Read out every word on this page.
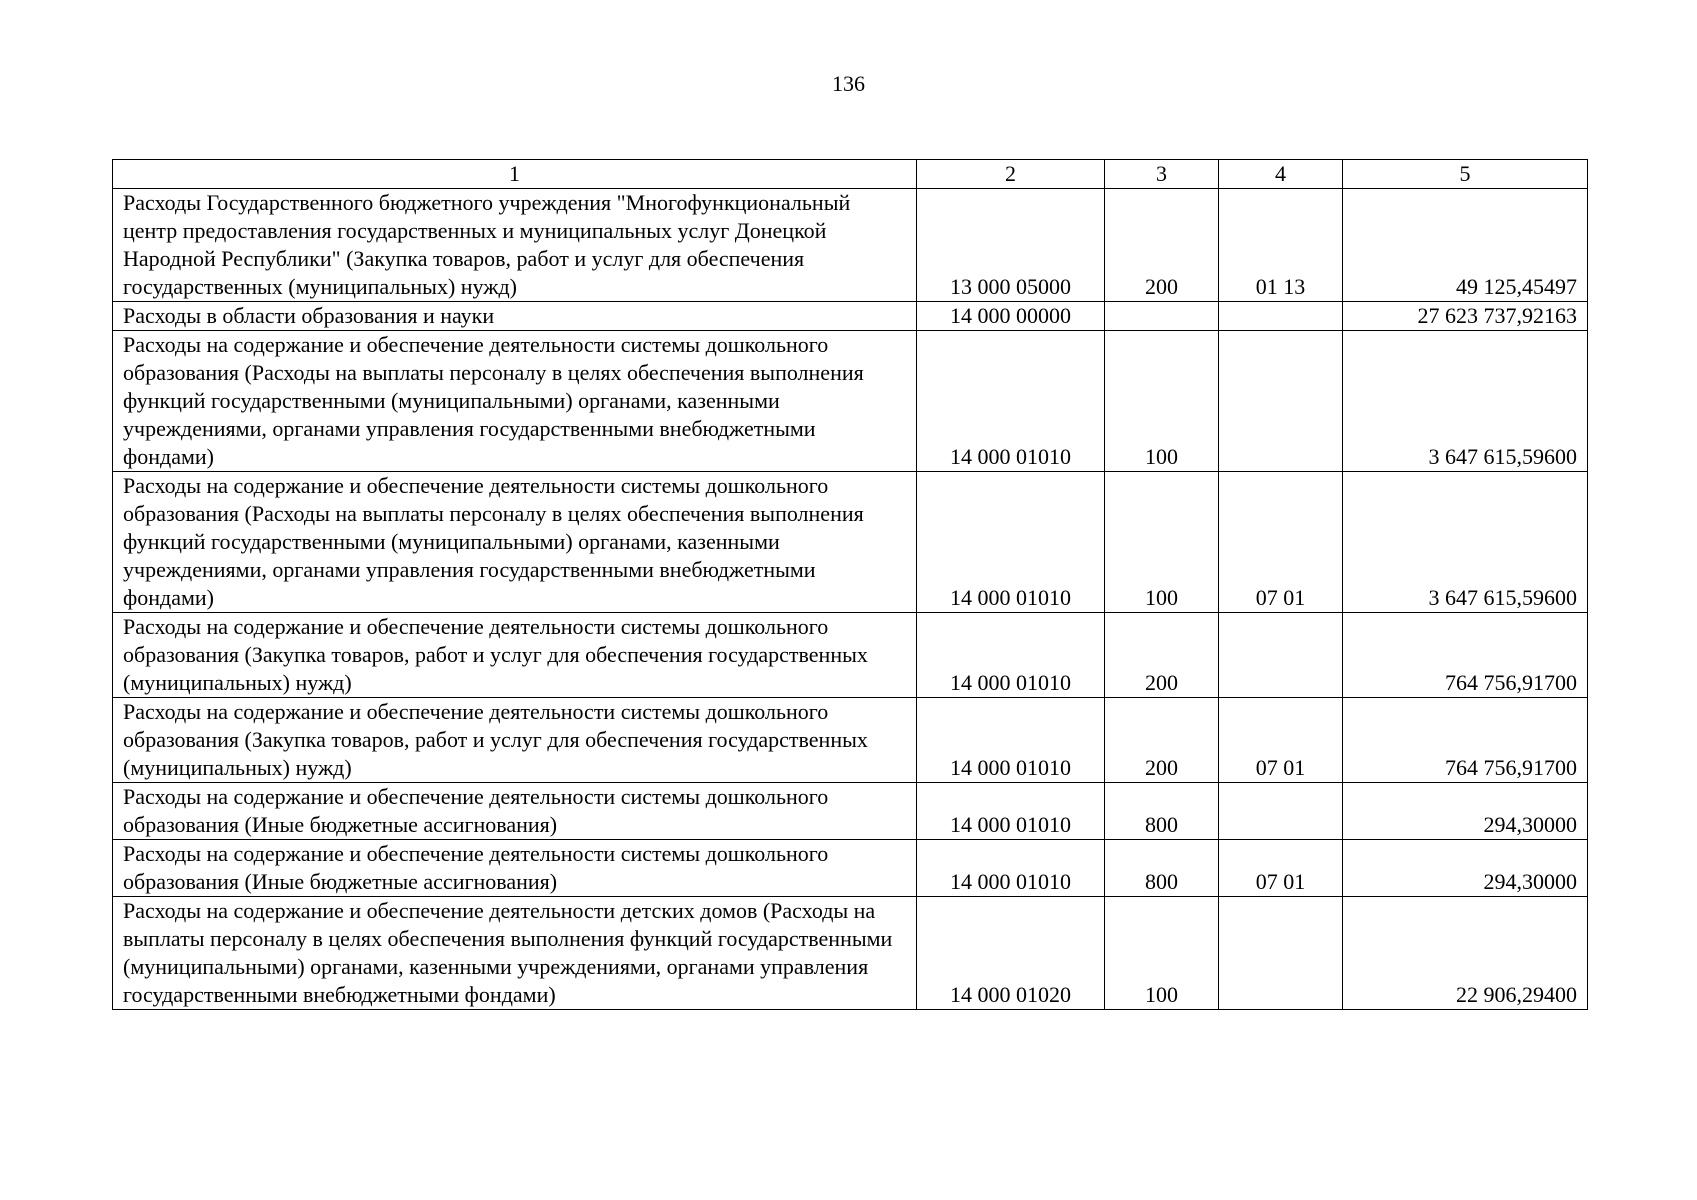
136
1	2	3	4	5
Расходы Государственного бюджетного учреждения "Многофункциональный центр предоставления государственных и муниципальных услуг Донецкой Народной Республики" (Закупка товаров, работ и услуг для обеспечения государственных (муниципальных) нужд)	13 000 05000	200	01 13	49 125,45497
Расходы в области образования и науки	14 000 00000			27 623 737,92163
Расходы на содержание и обеспечение деятельности системы дошкольного образования (Расходы на выплаты персоналу в целях обеспечения выполнения функций государственными (муниципальными) органами, казенными учреждениями, органами управления государственными внебюджетными фондами)	14 000 01010	100		3 647 615,59600
Расходы на содержание и обеспечение деятельности системы дошкольного образования (Расходы на выплаты персоналу в целях обеспечения выполнения функций государственными (муниципальными) органами, казенными учреждениями, органами управления государственными внебюджетными фондами)	14 000 01010	100	07 01	3 647 615,59600
Расходы на содержание и обеспечение деятельности системы дошкольного образования (Закупка товаров, работ и услуг для обеспечения государственных (муниципальных) нужд)	14 000 01010	200		764 756,91700
Расходы на содержание и обеспечение деятельности системы дошкольного образования (Закупка товаров, работ и услуг для обеспечения государственных (муниципальных) нужд)	14 000 01010	200	07 01	764 756,91700
Расходы на содержание и обеспечение деятельности системы дошкольного образования (Иные бюджетные ассигнования)	14 000 01010	800		294,30000
Расходы на содержание и обеспечение деятельности системы дошкольного образования (Иные бюджетные ассигнования)	14 000 01010	800	07 01	294,30000
Расходы на содержание и обеспечение деятельности детских домов (Расходы на выплаты персоналу в целях обеспечения выполнения функций государственными (муниципальными) органами, казенными учреждениями, органами управления государственными внебюджетными фондами)	14 000 01020	100		22 906,29400
